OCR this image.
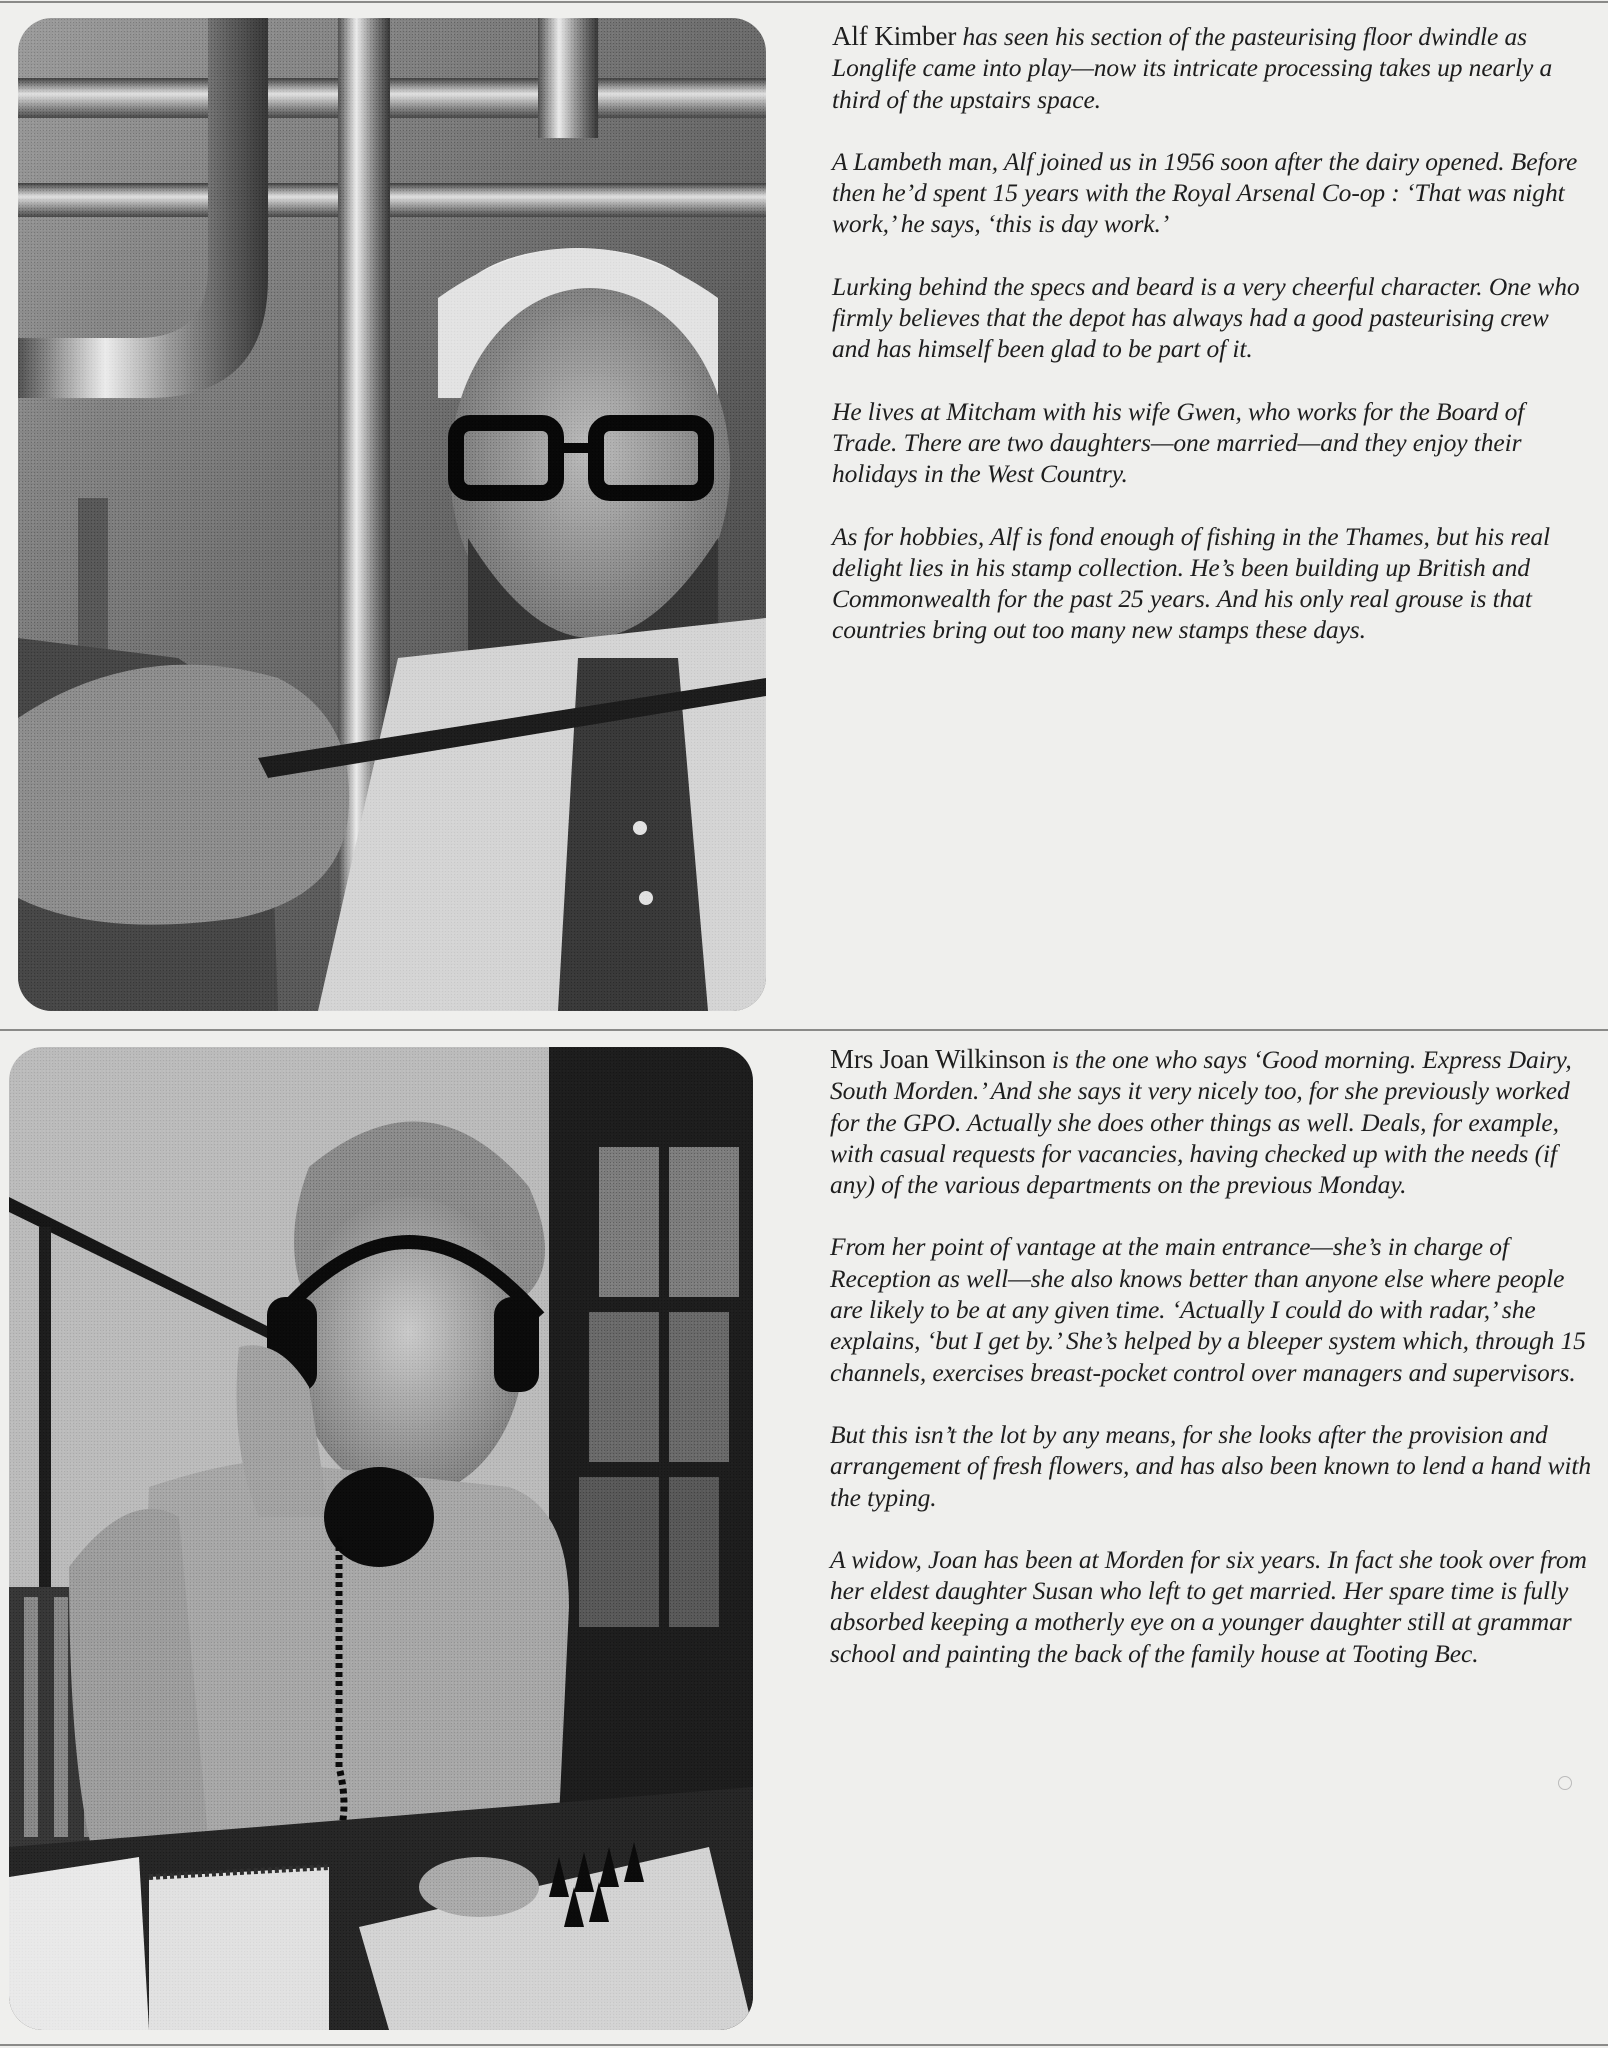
Alf Kimber has seen his section of the pasteurising floor dwindle as Longlife came into play—now its intricate processing takes up nearly a third of the upstairs space.

A Lambeth man, Alf joined us in 1956 soon after the dairy opened. Before then he’d spent 15 years with the Royal Arsenal Co-op : ‘That was night work,’ he says, ‘this is day work.’

Lurking behind the specs and beard is a very cheerful character. One who firmly believes that the depot has always had a good pasteurising crew and has himself been glad to be part of it.

He lives at Mitcham with his wife Gwen, who works for the Board of Trade. There are two daughters—one married—and they enjoy their holidays in the West Country.

As for hobbies, Alf is fond enough of fishing in the Thames, but his real delight lies in his stamp collection. He’s been building up British and Commonwealth for the past 25 years. And his only real grouse is that countries bring out too many new stamps these days.

Mrs Joan Wilkinson is the one who says ‘Good morning. Express Dairy, South Morden.’ And she says it very nicely too, for she previously worked for the GPO. Actually she does other things as well. Deals, for example, with casual requests for vacancies, having checked up with the needs (if any) of the various departments on the previous Monday.

From her point of vantage at the main entrance—she’s in charge of Reception as well—she also knows better than anyone else where people are likely to be at any given time. ‘Actually I could do with radar,’ she explains, ‘but I get by.’ She’s helped by a bleeper system which, through 15 channels, exercises breast-pocket control over managers and supervisors.

But this isn’t the lot by any means, for she looks after the provision and arrangement of fresh flowers, and has also been known to lend a hand with the typing.

A widow, Joan has been at Morden for six years. In fact she took over from her eldest daughter Susan who left to get married. Her spare time is fully absorbed keeping a motherly eye on a younger daughter still at grammar school and painting the back of the family house at Tooting Bec.
